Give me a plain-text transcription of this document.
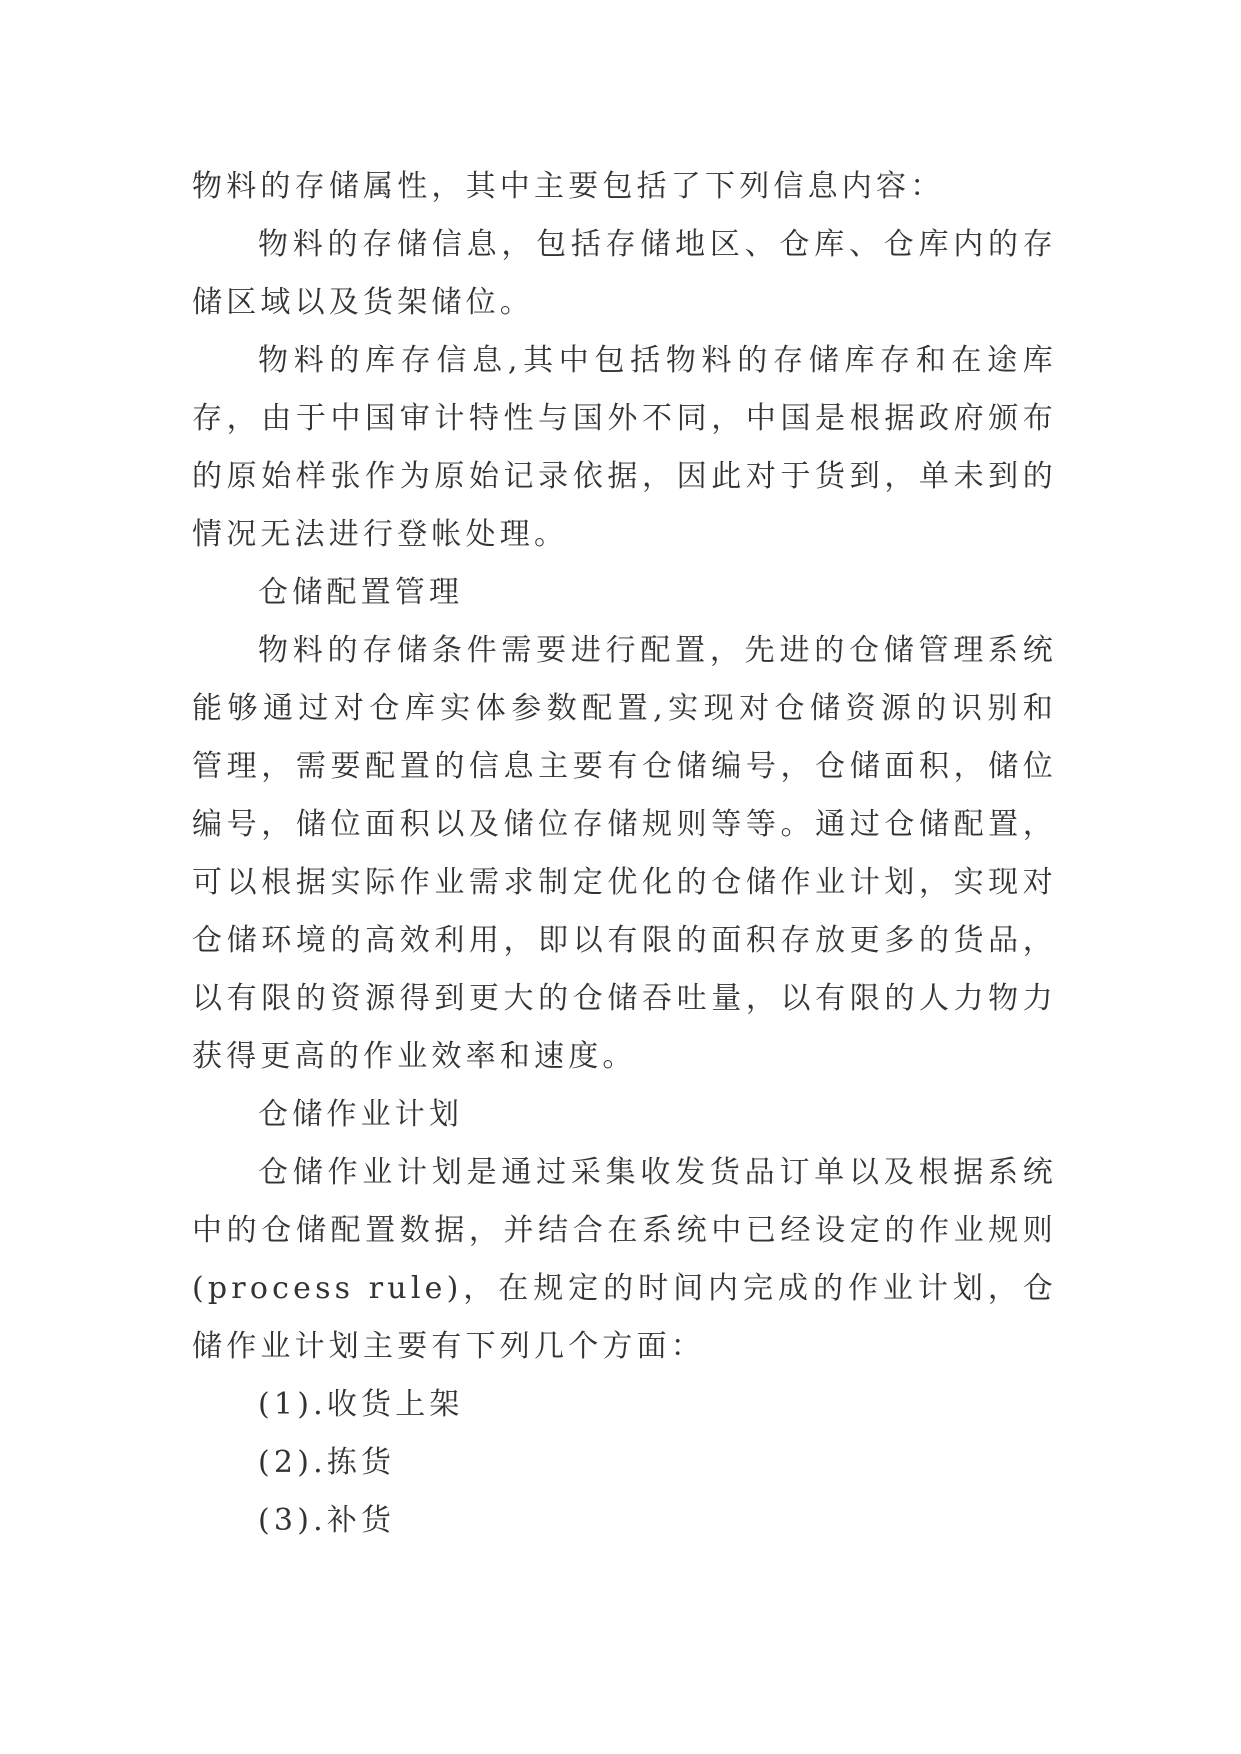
物料的存储属性，其中主要包括了下列信息内容：

物料的存储信息，包括存储地区、仓库、仓库内的存储区域以及货架储位。

物料的库存信息,其中包括物料的存储库存和在途库存，由于中国审计特性与国外不同，中国是根据政府颁布的原始样张作为原始记录依据，因此对于货到，单未到的情况无法进行登帐处理。

仓储配置管理

物料的存储条件需要进行配置，先进的仓储管理系统能够通过对仓库实体参数配置,实现对仓储资源的识别和管理，需要配置的信息主要有仓储编号，仓储面积，储位编号，储位面积以及储位存储规则等等。通过仓储配置，可以根据实际作业需求制定优化的仓储作业计划，实现对仓储环境的高效利用，即以有限的面积存放更多的货品，以有限的资源得到更大的仓储吞吐量，以有限的人力物力获得更高的作业效率和速度。

仓储作业计划

仓储作业计划是通过采集收发货品订单以及根据系统中的仓储配置数据，并结合在系统中已经设定的作业规则(process rule)，在规定的时间内完成的作业计划，仓储作业计划主要有下列几个方面：

(1).收货上架

(2).拣货

(3).补货
